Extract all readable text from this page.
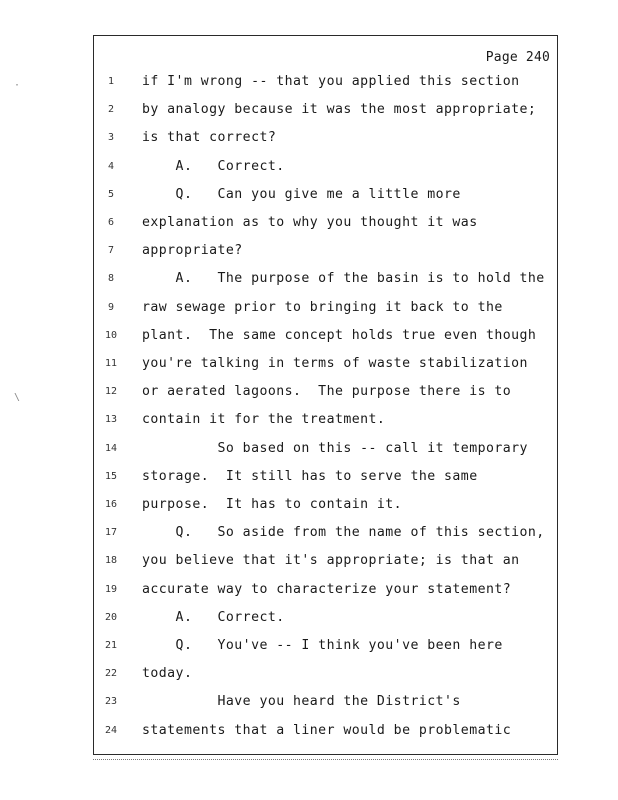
·
\
Page 240
1	if I'm wrong -- that you applied this section
2	by analogy because it was the most appropriate;
3	is that correct?
4	A.   Correct.
5	Q.   Can you give me a little more
6	explanation as to why you thought it was
7	appropriate?
8	A.   The purpose of the basin is to hold the
9	raw sewage prior to bringing it back to the
10	plant.  The same concept holds true even though
11	you're talking in terms of waste stabilization
12	or aerated lagoons.  The purpose there is to
13	contain it for the treatment.
14	So based on this -- call it temporary
15	storage.  It still has to serve the same
16	purpose.  It has to contain it.
17	Q.   So aside from the name of this section,
18	you believe that it's appropriate; is that an
19	accurate way to characterize your statement?
20	A.   Correct.
21	Q.   You've -- I think you've been here
22	today.
23	Have you heard the District's
24	statements that a liner would be problematic
